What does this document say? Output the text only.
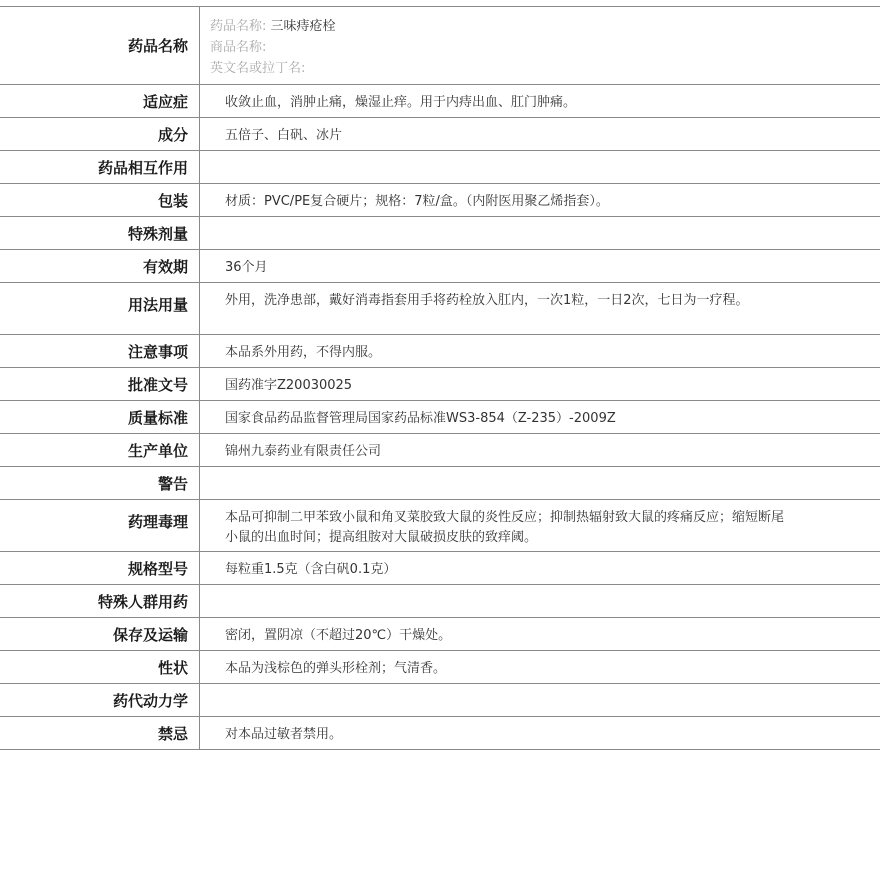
药品名称
药品名称: 三味痔疮栓
商品名称:
英文名或拉丁名:
适应症	收敛止血，消肿止痛，燥湿止痒。用于内痔出血、肛门肿痛。
成分	五倍子、白矾、冰片
药品相互作用
包装	材质：PVC/PE复合硬片；规格：7粒/盒。（内附医用聚乙烯指套）。
特殊剂量
有效期	36个月
用法用量	外用，洗净患部，戴好消毒指套用手将药栓放入肛内，一次1粒，一日2次，七日为一疗程。
注意事项	本品系外用药，不得内服。
批准文号	国药准字Z20030025
质量标准	国家食品药品监督管理局国家药品标准WS3-854（Z-235）-2009Z
生产单位	锦州九泰药业有限责任公司
警告
药理毒理	本品可抑制二甲苯致小鼠和角叉菜胶致大鼠的炎性反应；抑制热辐射致大鼠的疼痛反应；缩短断尾小鼠的出血时间；提高组胺对大鼠破损皮肤的致痒阈。
规格型号	每粒重1.5克（含白矾0.1克）
特殊人群用药
保存及运输	密闭，置阴凉（不超过20℃）干燥处。
性状	本品为浅棕色的弹头形栓剂；气清香。
药代动力学
禁忌	对本品过敏者禁用。
